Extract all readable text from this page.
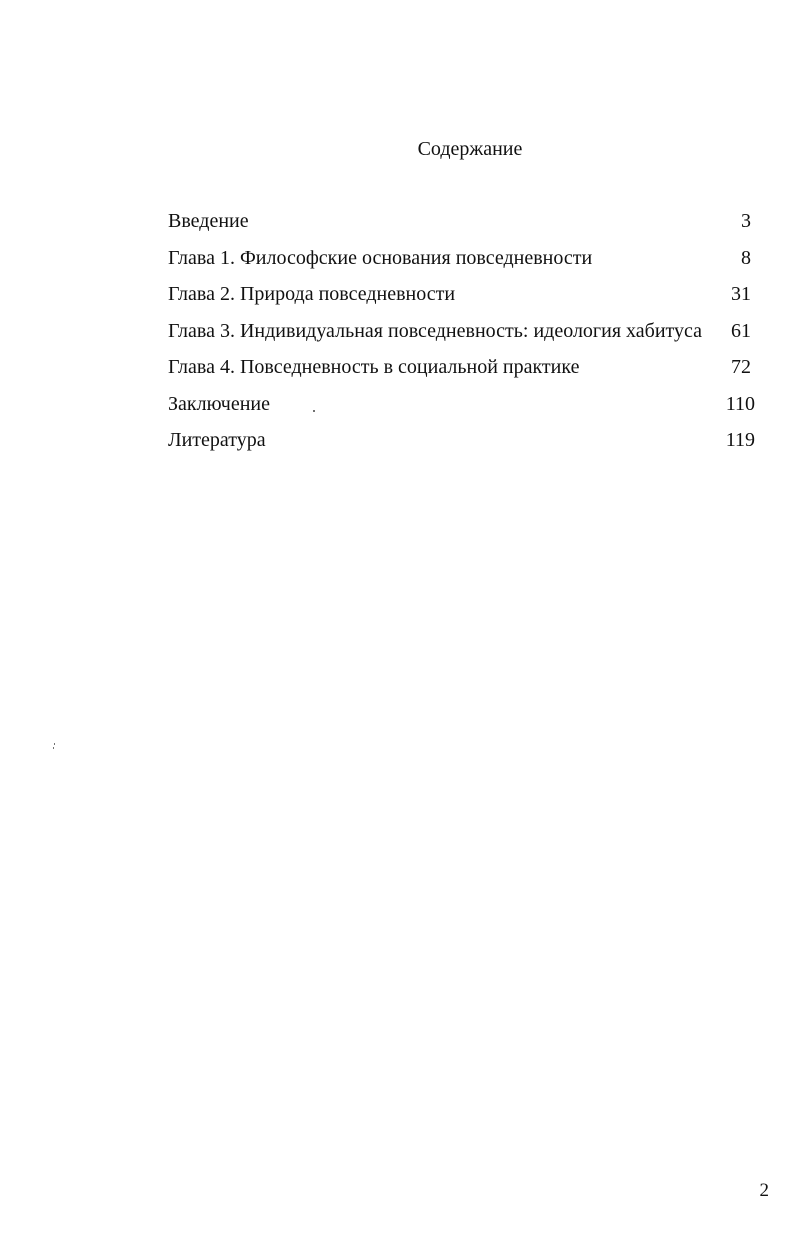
Содержание
Введение	3
Глава 1. Философские основания повседневности	8
Глава 2. Природа повседневности	31
Глава 3. Индивидуальная повседневность: идеология хабитуса 61
Глава 4. Повседневность в социальной практике	72
Заключение	110
Литература	119
2
